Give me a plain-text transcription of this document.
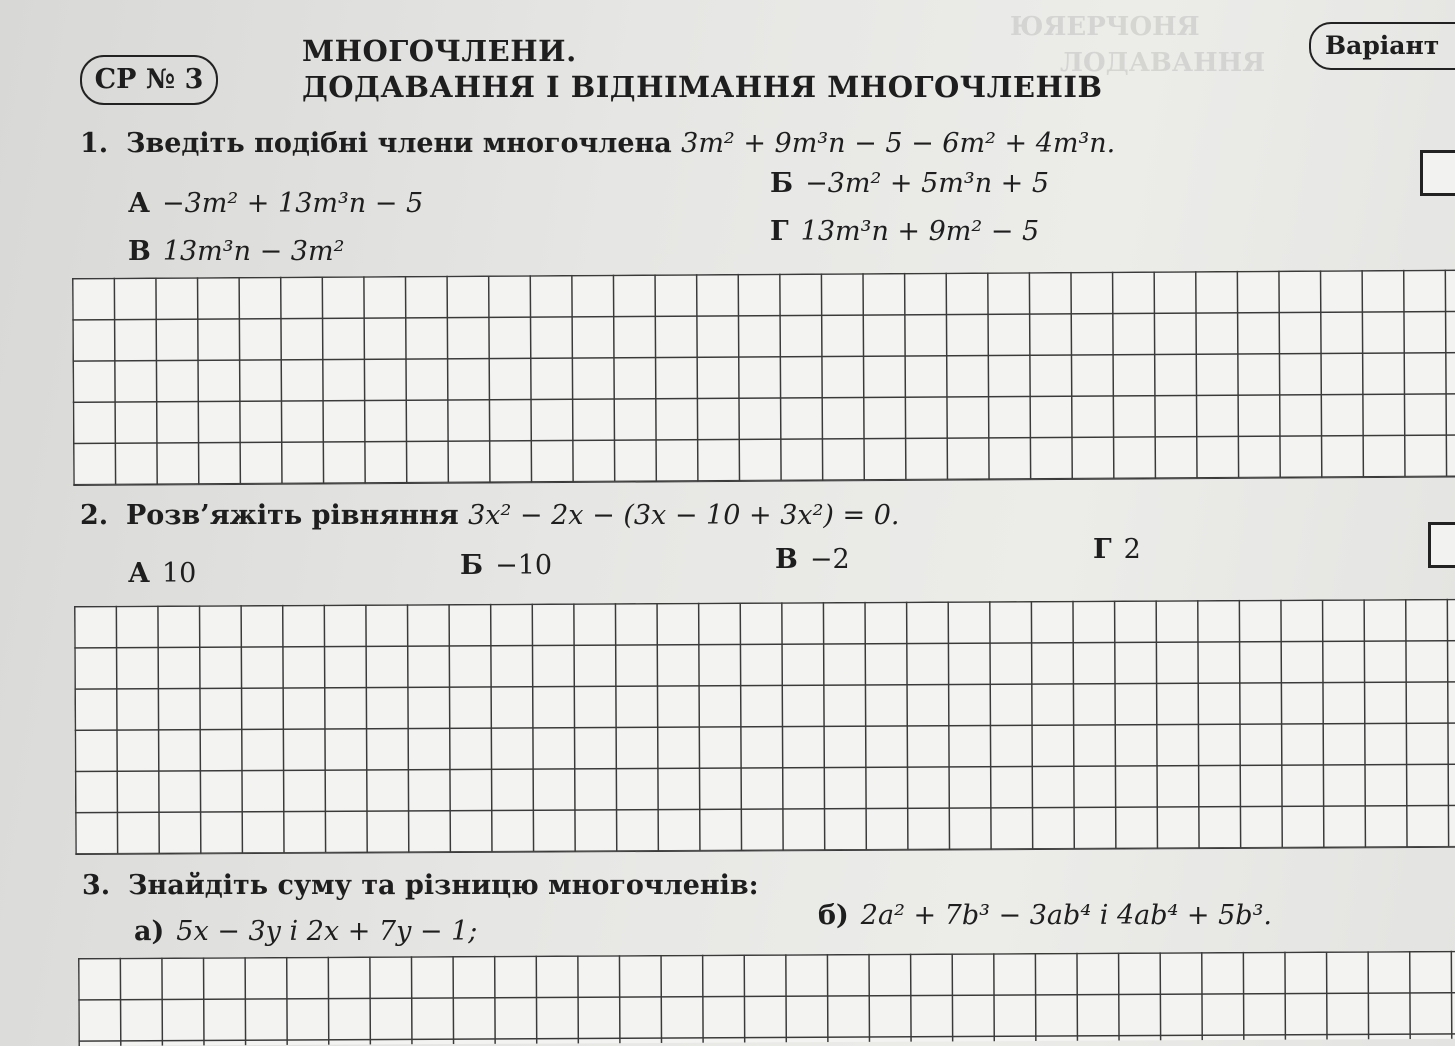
ЮЯЕРЧОНЯ
ЛОДАВАННЯ
СР № 3
МНОГОЧЛЕНИ.
ДОДАВАННЯ І ВІДНІМАННЯ МНОГОЧЛЕНІВ
Варіант
1. Зведіть подібні члени многочлена 3m² + 9m³n − 5 − 6m² + 4m³n.
А −3m² + 13m³n − 5
Б −3m² + 5m³n + 5
В 13m³n − 3m²
Г 13m³n + 9m² − 5
2. Розв’яжіть рівняння 3x² − 2x − (3x − 10 + 3x²) = 0.
А 10	Б −10	В −2	Г 2
3. Знайдіть суму та різницю многочленів:
а) 5x − 3y і 2x + 7y − 1;
б) 2a² + 7b³ − 3ab⁴ і 4ab⁴ + 5b³.
